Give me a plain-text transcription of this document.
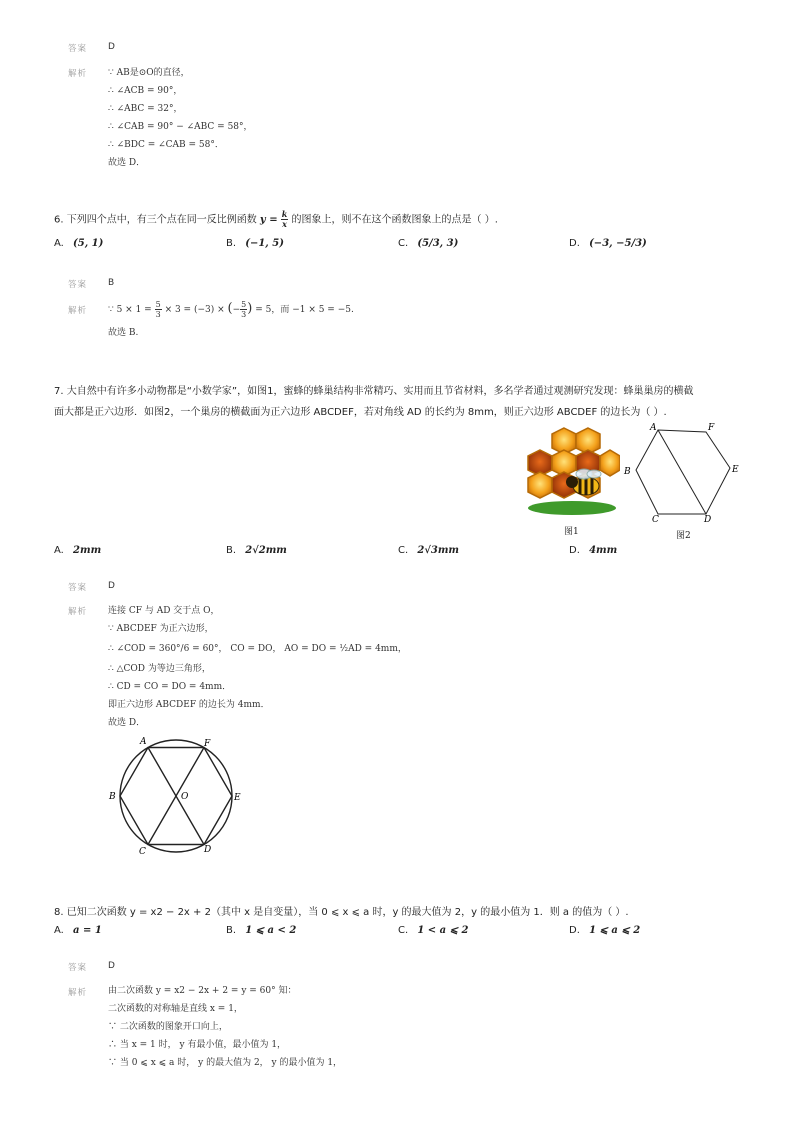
答案 D
解析 ∵ AB是⊙O的直径，
∴ ∠ACB = 90°，
∴ ∠ABC = 32°，
∴ ∠CAB = 90° − ∠ABC = 58°，
∴ ∠BDC = ∠CAB = 58°．
故选 D．
6. 下列四个点中，有三个点在同一反比例函数 $y = \frac{k}{x}$ 的图象上，则不在这个函数图象上的点是（ ）.
A. (5, 1)	B. (−1, 5)	C. (5/3, 3)	D. (−3, −5/3)
答案 B
解析 ∵ $5 \times 1 = \frac{5}{3} \times 3 = (-3)$ × (− $\frac{5}{3}$ ) = 5，而 −1 × 5 = −5.
故选 B.
7. 大自然中有许多小动物都是“小数学家”，如图1，蜜蜂的蜂巢结构非常精巧、实用而且节省材料，多名学者通过观测研究发现：蜂巢巢房的横截
面大都是正六边形．如图2，一个巢房的横截面为正六边形 ABCDEF，若对角线 AD 的长约为 8mm，则正六边形 ABCDEF 的边长为（ ）.
图1
A	F
B	E
C	D
图2
A. 2mm	B. 2√2mm	C. 2√3mm	D. 4mm
答案 D
解析 连接 CF 与 AD 交于点 O，
∵ ABCDEF 为正六边形，
∴ ∠COD = 360°/6 = 60°， CO = DO， AO = DO = ½AD = 4mm，
∴ △COD 为等边三角形，
∴ CD = CO = DO = 4mm．
即正六边形 ABCDEF 的边长为 4mm．
故选 D．
A	F
B	O	E
C	D
8. 已知二次函数 y = x2 − 2x + 2（其中 x 是自变量），当 0 ⩽ x ⩽ a 时，y 的最大值为 2，y 的最小值为 1．则 a 的值为（ ）.
A. a = 1	B. 1 ⩽ a < 2	C. 1 < a ⩽ 2	D. 1 ⩽ a ⩽ 2
答案 D
解析 由二次函数 y = x2 − 2x + 2 = y = 60° 知：
二次函数的对称轴是直线 x = 1，
∵ 二次函数的图象开口向上，
∴ 当 x = 1 时， y 有最小值，最小值为 1，
∵ 当 0 ⩽ x ⩽ a 时， y 的最大值为 2， y 的最小值为 1，
